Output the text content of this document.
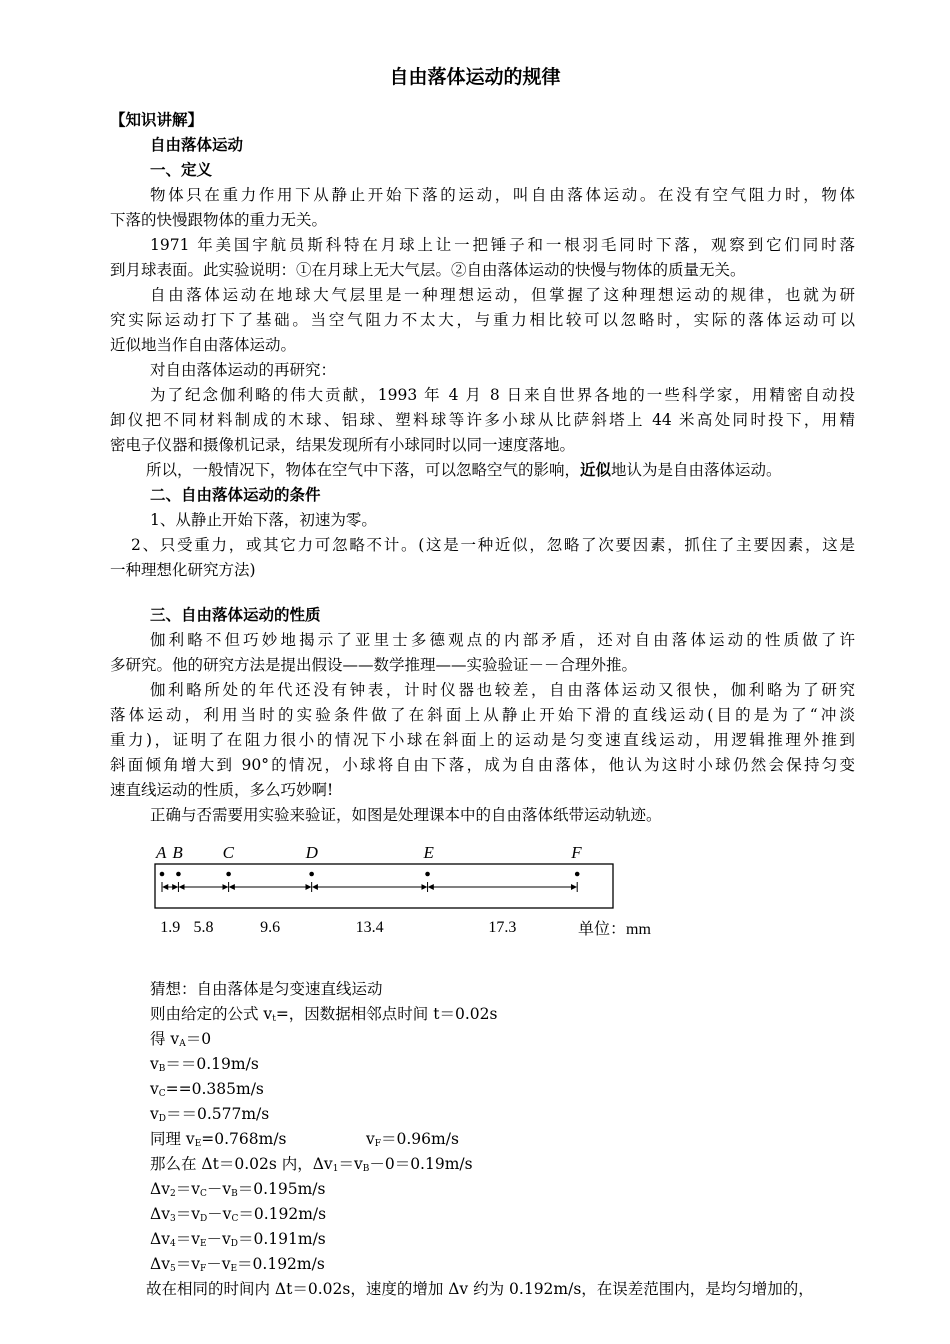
自由落体运动的规律
【知识讲解】
自由落体运动
一、定义
物体只在重力作用下从静止开始下落的运动，叫自由落体运动。在没有空气阻力时，物体
下落的快慢跟物体的重力无关。
1971 年美国宇航员斯科特在月球上让一把锤子和一根羽毛同时下落，观察到它们同时落
到月球表面。此实验说明：①在月球上无大气层。②自由落体运动的快慢与物体的质量无关。
自由落体运动在地球大气层里是一种理想运动，但掌握了这种理想运动的规律，也就为研
究实际运动打下了基础。当空气阻力不太大，与重力相比较可以忽略时，实际的落体运动可以
近似地当作自由落体运动。
对自由落体运动的再研究：
为了纪念伽利略的伟大贡献，1993 年 4 月 8 日来自世界各地的一些科学家，用精密自动投
卸仪把不同材料制成的木球、铝球、塑料球等许多小球从比萨斜塔上 44 米高处同时投下，用精
密电子仪器和摄像机记录，结果发现所有小球同时以同一速度落地。
所以，一般情况下，物体在空气中下落，可以忽略空气的影响，近似地认为是自由落体运动。
二、自由落体运动的条件
1、从静止开始下落，初速为零。
2、只受重力，或其它力可忽略不计。(这是一种近似，忽略了次要因素，抓住了主要因素，这是
一种理想化研究方法)
三、自由落体运动的性质
伽利略不但巧妙地揭示了亚里士多德观点的内部矛盾，还对自由落体运动的性质做了许
多研究。他的研究方法是提出假设——数学推理——实验验证－－合理外推。
伽利略所处的年代还没有钟表，计时仪器也较差，自由落体运动又很快，伽利略为了研究
落体运动，利用当时的实验条件做了在斜面上从静止开始下滑的直线运动(目的是为了“冲淡
重力)，证明了在阻力很小的情况下小球在斜面上的运动是匀变速直线运动，用逻辑推理外推到
斜面倾角增大到 90°的情况，小球将自由下落，成为自由落体，他认为这时小球仍然会保持匀变
速直线运动的性质，多么巧妙啊!
正确与否需要用实验来验证，如图是处理课本中的自由落体纸带运动轨迹。
A B C	D	E	F
1.9 5.8	9.6	13.4	17.3	单位：mm
猜想：自由落体是匀变速直线运动
则由给定的公式 $v_t=$，因数据相邻点时间 t＝0.02s
得 $v_A=0$
$v_B==0.19m/s$
$v_C==0.385m/s$
$v_D==0.577m/s$
同理 $v_E=0.768m/s$	$v_F=0.96m/s$
那么在 Δt＝0.02s 内，$\Delta v_1=v_B-0=0.19m/s$
$\Delta v_2=v_C-v_B=0.195m/s$
$\Delta v_3=v_D-v_C=0.192m/s$
$\Delta v_4=v_E-v_D=0.191m/s$
$\Delta v_5=v_F-v_E=0.192m/s$
故在相同的时间内 Δt＝0.02s，速度的增加 Δv 约为 0.192m/s，在误差范围内，是均匀增加的，
